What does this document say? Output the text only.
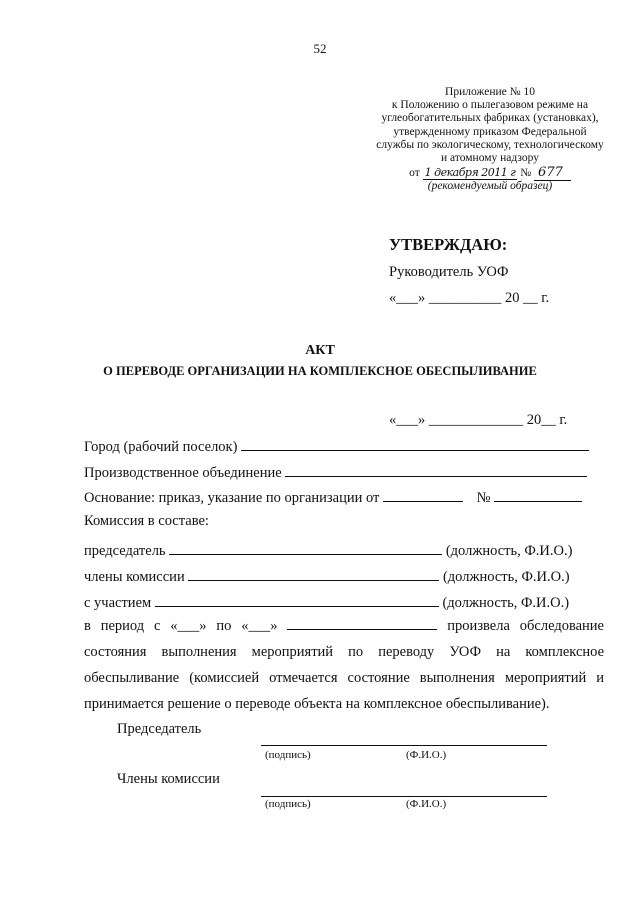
52
Приложение № 10
к Положению о пылегазовом режиме на
углеобогатительных фабриках (установках),
утвержденному приказом Федеральной
службы по экологическому, технологическому
и атомному надзору
от 1 декабря 2011 г № 677
(рекомендуемый образец)
УТВЕРЖДАЮ:
Руководитель УОФ
«___» __________ 20 __ г.
АКТ
О ПЕРЕВОДЕ ОРГАНИЗАЦИИ НА КОМПЛЕКСНОЕ ОБЕСПЫЛИВАНИЕ
«___» _____________ 20__ г.
Город (рабочий поселок)
Производственное объединение
Основание: приказ, указание по организации от	№
Комиссия в составе:
председатель	(должность, Ф.И.О.)
члены комиссии	(должность, Ф.И.О.)
с участием	(должность, Ф.И.О.)
в период с «___» по «___»	произвела обследование состояния выполнения мероприятий по переводу УОФ на комплексное обеспыливание (комиссией отмечается состояние выполнения мероприятий и принимается решение о переводе объекта на комплексное обеспыливание).
Председатель
(подпись)	(Ф.И.О.)
Члены комиссии
(подпись)	(Ф.И.О.)
